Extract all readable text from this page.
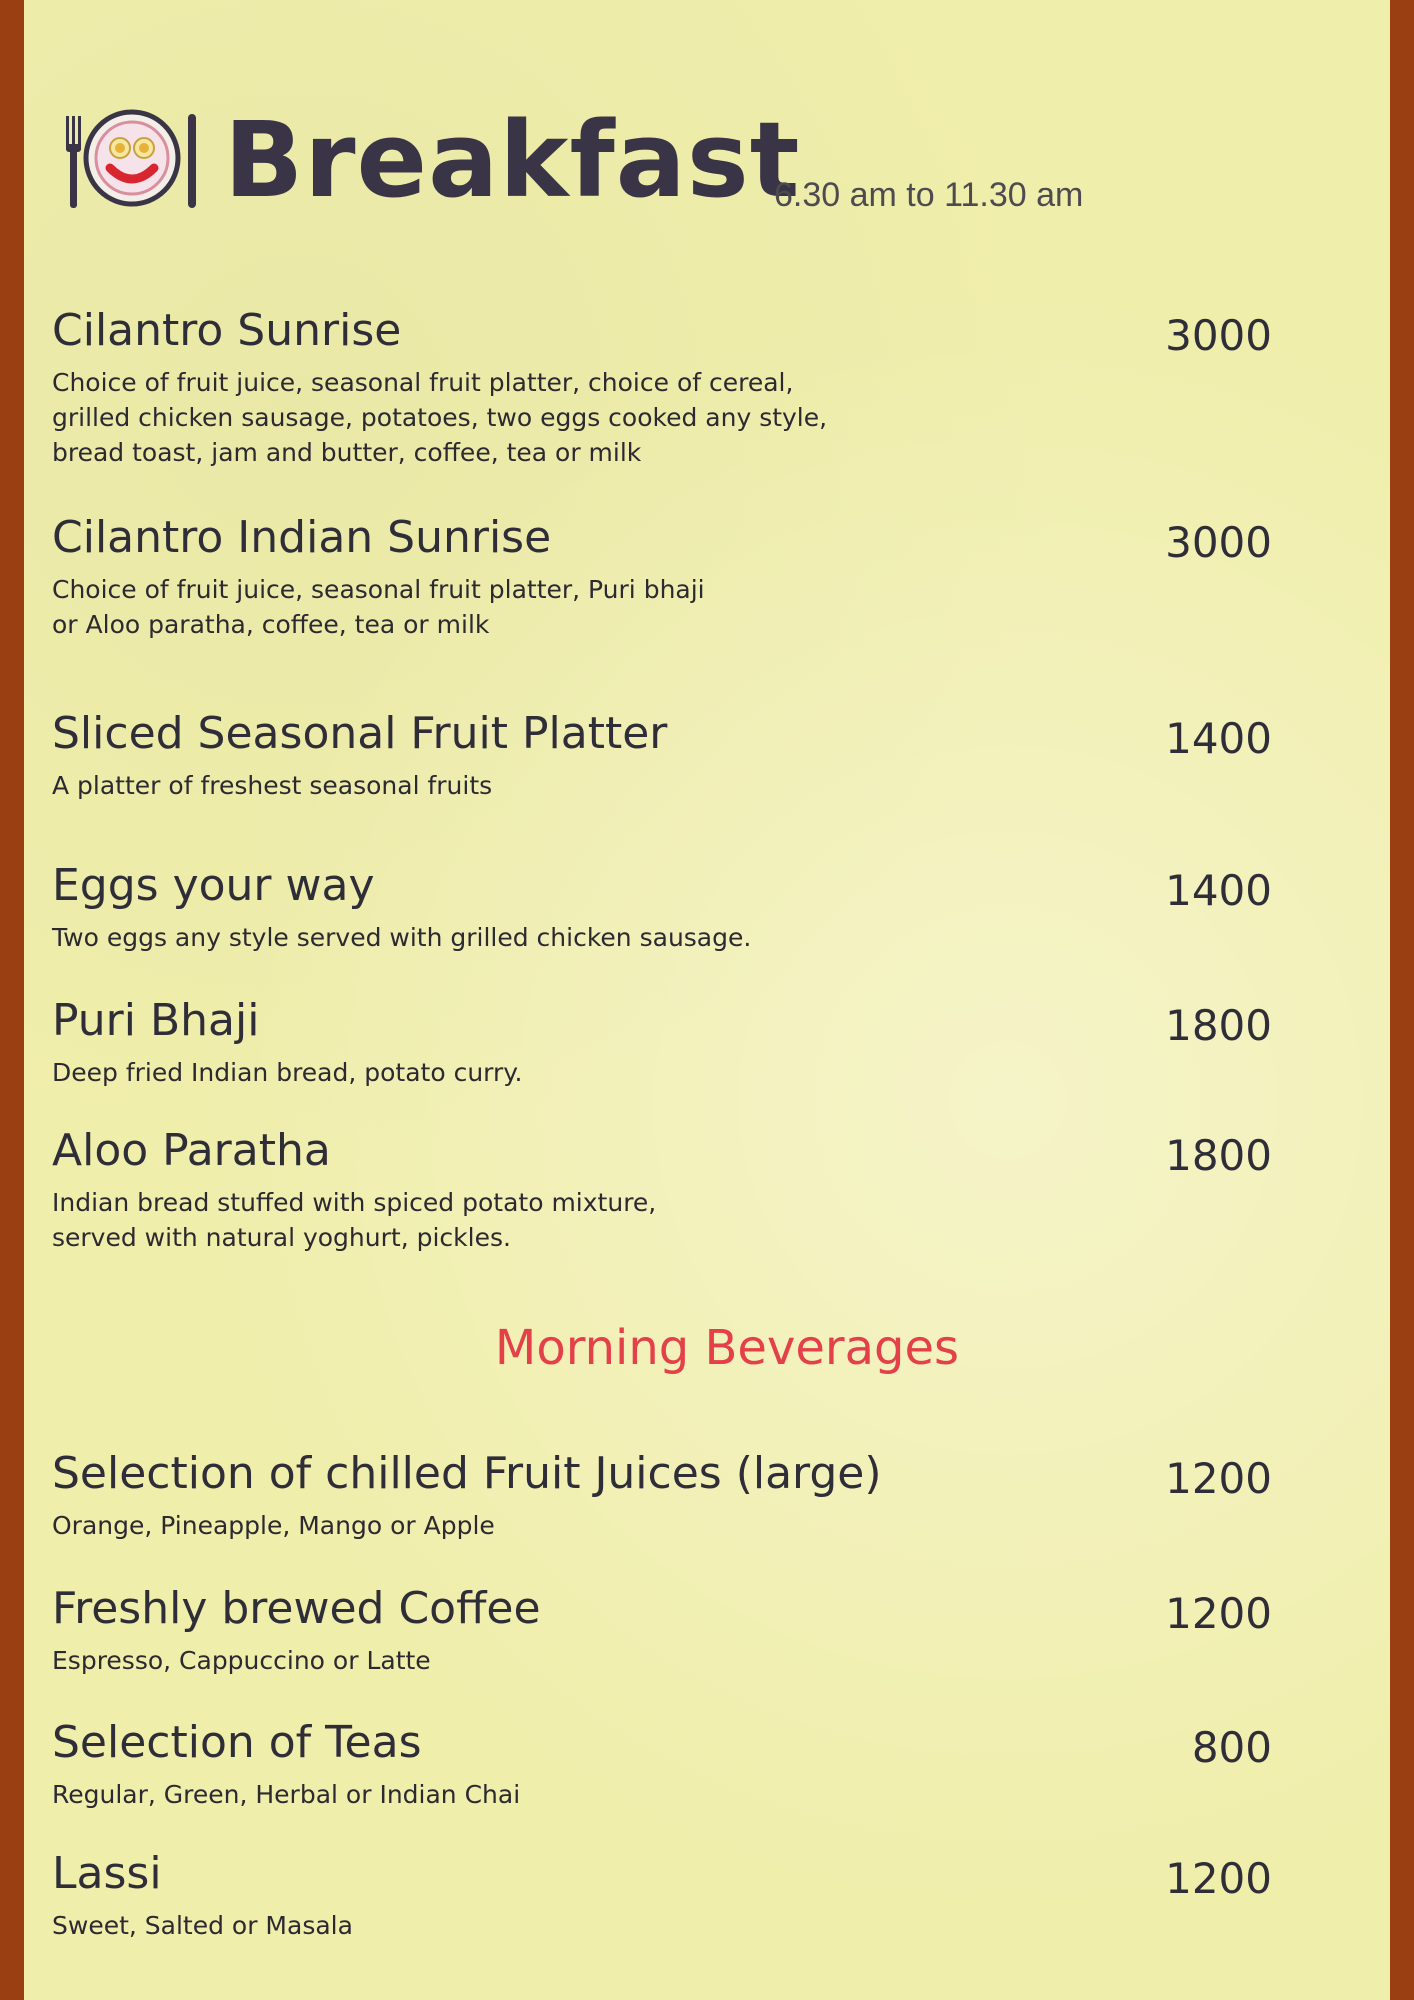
Breakfast
6.30 am to 11.30 am
Cilantro Sunrise
Choice of fruit juice, seasonal fruit platter, choice of cereal,
grilled chicken sausage, potatoes, two eggs cooked any style,
bread toast, jam and butter, coffee, tea or milk
3000
Cilantro Indian Sunrise
Choice of fruit juice, seasonal fruit platter, Puri bhaji
or Aloo paratha, coffee, tea or milk
3000
Sliced Seasonal Fruit Platter
A platter of freshest seasonal fruits
1400
Eggs your way
Two eggs any style served with grilled chicken sausage.
1400
Puri Bhaji
Deep fried Indian bread, potato curry.
1800
Aloo Paratha
Indian bread stuffed with spiced potato mixture,
served with natural yoghurt, pickles.
1800
Morning Beverages
Selection of chilled Fruit Juices (large)
Orange, Pineapple, Mango or Apple
1200
Freshly brewed Coffee
Espresso, Cappuccino or Latte
1200
Selection of Teas
Regular, Green, Herbal or Indian Chai
800
Lassi
Sweet, Salted or Masala
1200
